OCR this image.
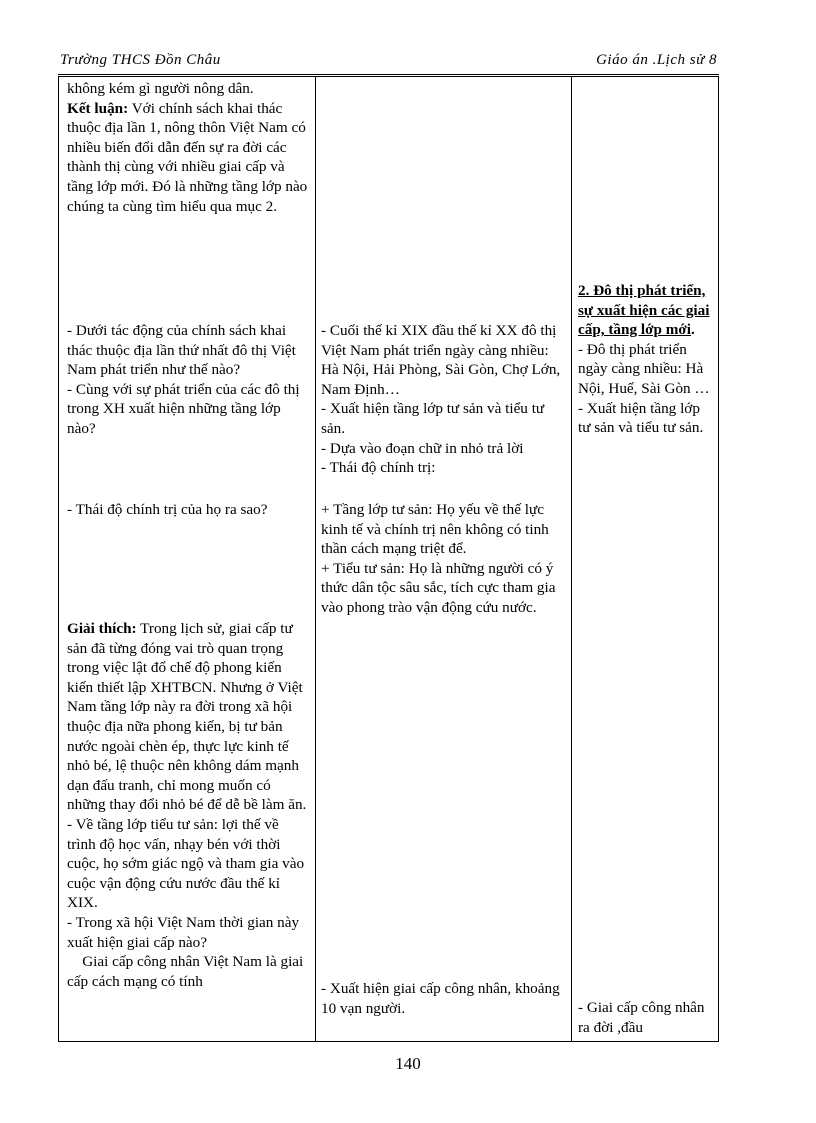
Trường THCS Đồn Châu	Giáo án .Lịch sử 8

không kém gì người nông dân.

Kết luận: Với chính sách khai thác thuộc địa lần 1, nông thôn Việt Nam có nhiều biến đổi dẫn đến sự ra đời các thành thị cùng với nhiều giai cấp và tầng lớp mới. Đó là những tầng lớp nào chúng ta cùng tìm hiểu qua mục 2.

- Dưới tác động của chính sách khai thác thuộc địa lần thứ nhất đô thị Việt Nam phát triển như thế nào?

- Cùng với sự phát triển của các đô thị trong XH xuất hiện những tầng lớp nào?

- Thái độ chính trị của họ ra sao?

Giải thích: Trong lịch sử, giai cấp tư sản đã từng đóng vai trò quan trọng trong việc lật đổ chế độ phong kiến kiến thiết lập XHTBCN. Nhưng ở Việt Nam tầng lớp này ra đời trong xã hội thuộc địa nữa phong kiến, bị tư bản nước ngoài chèn ép, thực lực kinh tế nhỏ bé, lệ thuộc nên không dám mạnh dạn đấu tranh, chỉ mong muốn có những thay đổi nhỏ bé để dễ bề làm ăn.

- Về tầng lớp tiểu tư sản: lợi thế về trình độ học vấn, nhạy bén với thời cuộc, họ sớm giác ngộ và tham gia vào cuộc vận động cứu nước đầu thế kỉ XIX.

- Trong xã hội Việt Nam thời gian này xuất hiện giai cấp nào?

Giai cấp công nhân Việt Nam là giai cấp cách mạng có tính

- Cuối thế kỉ XIX đầu thế kỉ XX đô thị Việt Nam phát triển ngày càng nhiều: Hà Nội, Hải Phòng, Sài Gòn, Chợ Lớn, Nam Định…

- Xuất hiện tầng lớp tư sản và tiểu tư sản.

- Dựa vào đoạn chữ in nhỏ trả lời

- Thái độ chính trị:

+ Tầng lớp tư sản: Họ yếu về thế lực kinh tế và chính trị nên không có tinh thần cách mạng triệt để.

+ Tiểu tư sản: Họ là những người có ý thức dân tộc sâu sắc, tích cực tham gia vào phong trào vận động cứu nước.

- Xuất hiện giai cấp công nhân, khoảng 10 vạn người.

2. Đô thị phát triển, sự xuất hiện các giai cấp, tầng lớp mới.

- Đô thị phát triển ngày càng nhiều: Hà Nội, Huế, Sài Gòn …

- Xuất hiện tầng lớp tư sản và tiểu tư sản.

- Giai cấp công nhân ra đời ,đầu

140
